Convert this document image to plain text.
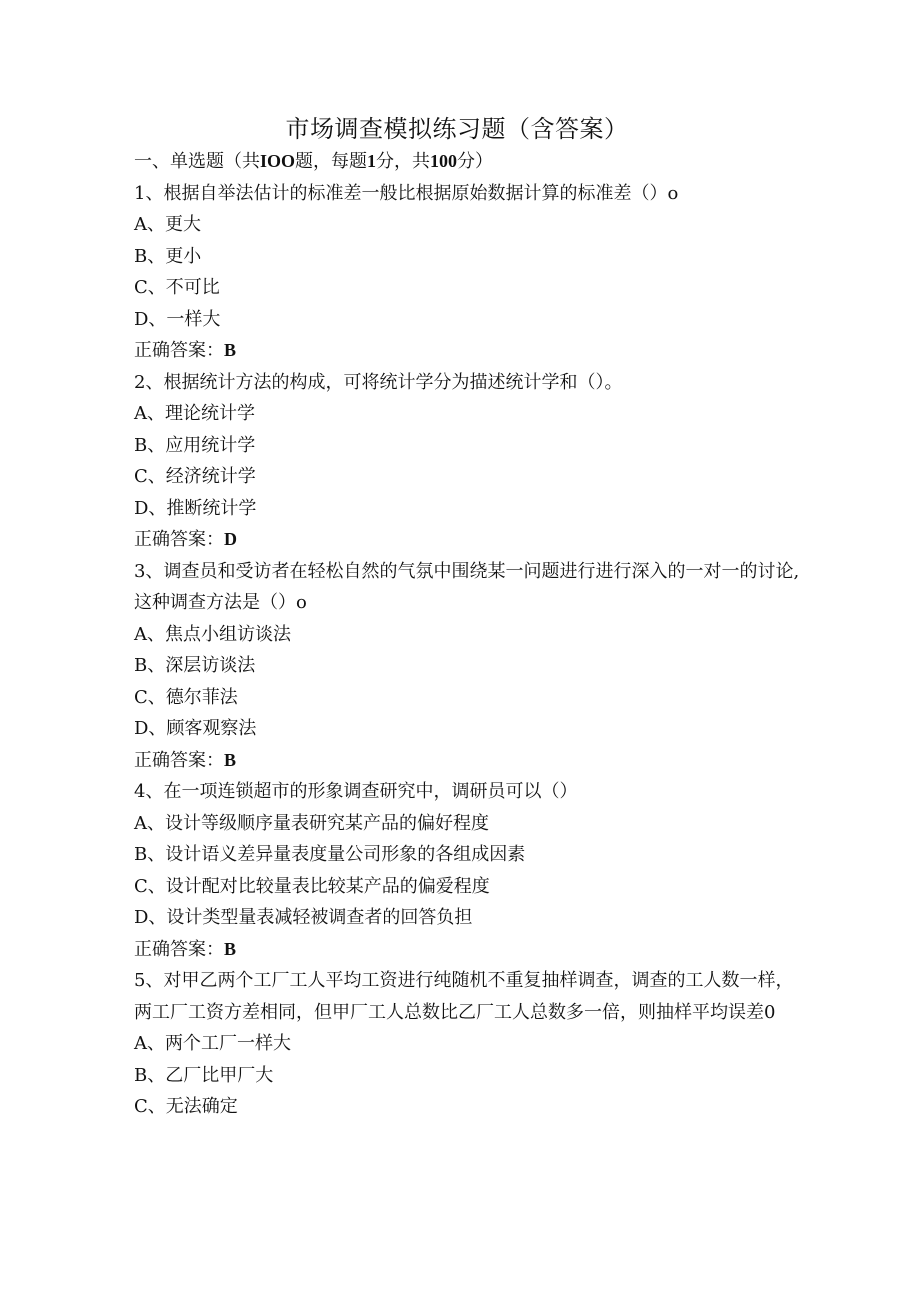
市场调查模拟练习题（含答案）
一、单选题（共IOO题，每题1分，共100分）
1、根据自举法估计的标准差一般比根据原始数据计算的标准差（）o
A、更大
B、更小
C、不可比
D、一样大
正确答案：B
2、根据统计方法的构成，可将统计学分为描述统计学和（）。
A、理论统计学
B、应用统计学
C、经济统计学
D、推断统计学
正确答案：D
3、调查员和受访者在轻松自然的气氛中围绕某一问题进行进行深入的一对一的讨论,这种调查方法是（）o
A、焦点小组访谈法
B、深层访谈法
C、德尔菲法
D、顾客观察法
正确答案：B
4、在一项连锁超市的形象调查研究中，调研员可以（）
A、设计等级顺序量表研究某产品的偏好程度
B、设计语义差异量表度量公司形象的各组成因素
C、设计配对比较量表比较某产品的偏爱程度
D、设计类型量表减轻被调查者的回答负担
正确答案：B
5、对甲乙两个工厂工人平均工资进行纯随机不重复抽样调查，调查的工人数一样，两工厂工资方差相同，但甲厂工人总数比乙厂工人总数多一倍，则抽样平均误差0
A、两个工厂一样大
B、乙厂比甲厂大
C、无法确定
